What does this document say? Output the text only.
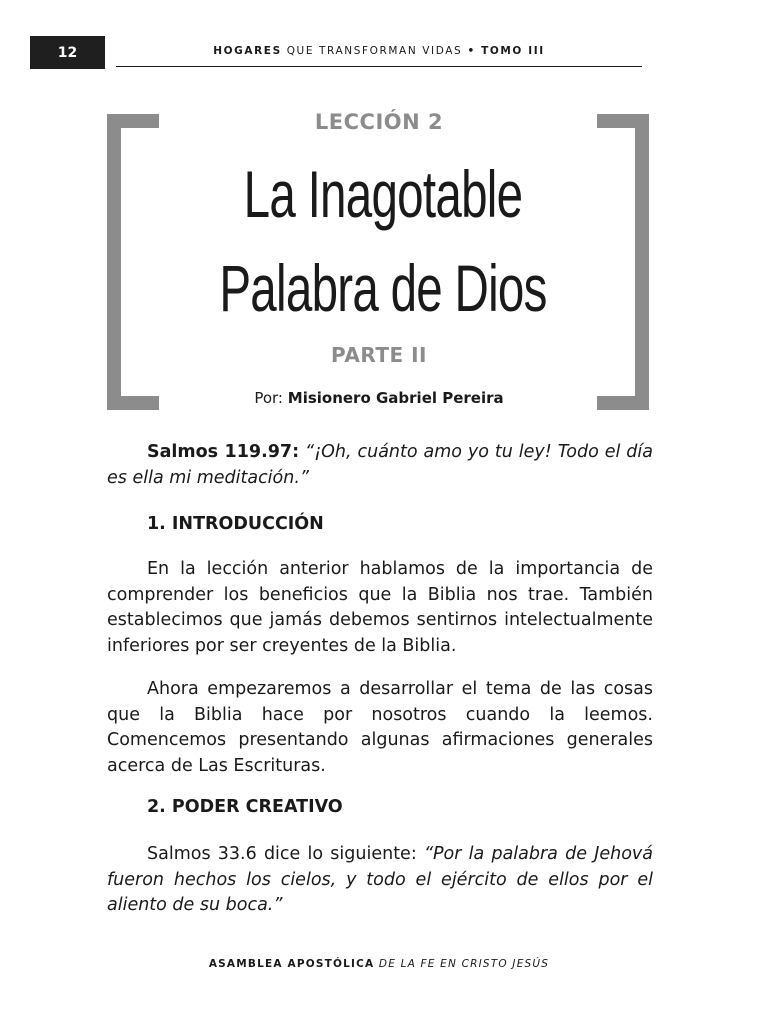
12	HOGARES QUE TRANSFORMAN VIDAS • TOMO III
LECCIÓN 2
La Inagotable
Palabra de Dios
PARTE II
Por: Misionero Gabriel Pereira

Salmos 119.97: “¡Oh, cuánto amo yo tu ley! Todo el día es ella mi meditación.”

1. INTRODUCCIÓN

En la lección anterior hablamos de la importancia de comprender los beneficios que la Biblia nos trae. También establecimos que jamás debemos sentirnos intelectualmente inferiores por ser creyentes de la Biblia.

Ahora empezaremos a desarrollar el tema de las cosas que la Biblia hace por nosotros cuando la leemos. Comencemos presentando algunas afirmaciones generales acerca de Las Escrituras.

2. PODER CREATIVO

Salmos 33.6 dice lo siguiente: “Por la palabra de Jehová fueron hechos los cielos, y todo el ejército de ellos por el aliento de su boca.”

ASAMBLEA APOSTÓLICA DE LA FE EN CRISTO JESÚS
